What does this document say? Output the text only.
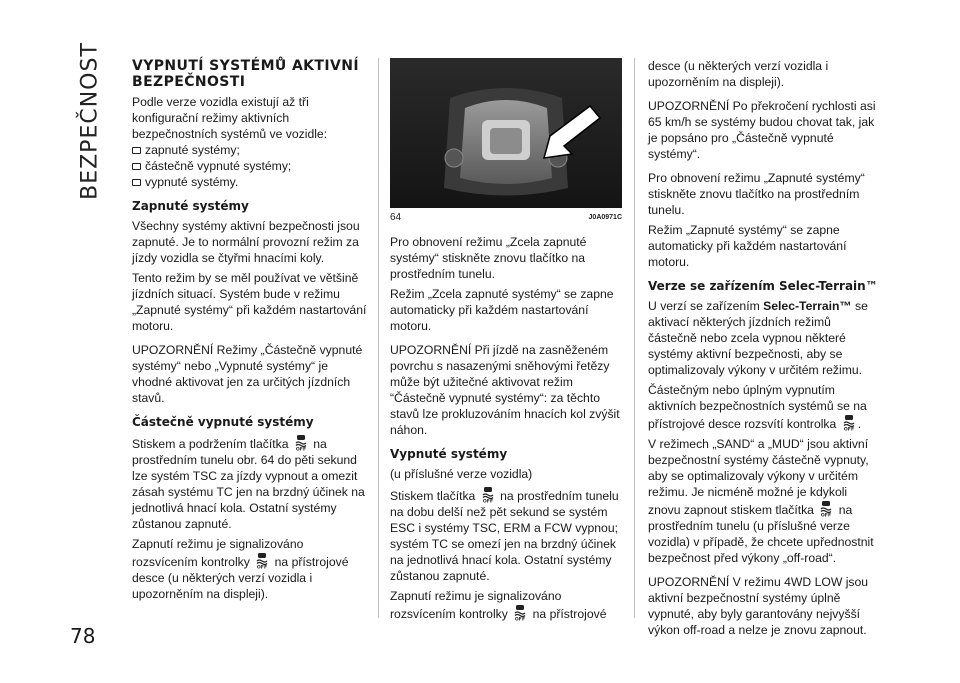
BEZPEČNOST
78
VYPNUTÍ SYSTÉMŮ AKTIVNÍ BEZPEČNOSTI

Podle verze vozidla existují až tři konfigurační režimy aktivních bezpečnostních systémů ve vozidle:

zapnuté systémy;
částečně vypnuté systémy;
vypnuté systémy.
Zapnuté systémy

Všechny systémy aktivní bezpečnosti jsou zapnuté. Je to normální provozní režim za jízdy vozidla se čtyřmi hnacími koly.

Tento režim by se měl používat ve většině jízdních situací. Systém bude v režimu „Zapnuté systémy“ při každém nastartování motoru.

UPOZORNĚNÍ Režimy „Částečně vypnuté systémy“ nebo „Vypnuté systémy“ je vhodné aktivovat jen za určitých jízdních stavů.

Částečně vypnuté systémy

Stiskem a podržením tlačítka na prostředním tunelu obr. 64 do pěti sekund lze systém TSC za jízdy vypnout a omezit zásah systému TC jen na brzdný účinek na jednotlivá hnací kola. Ostatní systémy zůstanou zapnuté.

Zapnutí režimu je signalizováno rozsvícením kontrolky na přístrojové desce (u některých verzí vozidla i upozorněním na displeji).

64	J0A0971C

Pro obnovení režimu „Zcela zapnuté systémy“ stiskněte znovu tlačítko na prostředním tunelu.

Režim „Zcela zapnuté systémy“ se zapne automaticky při každém nastartování motoru.

UPOZORNĚNÍ Při jízdě na zasněženém povrchu s nasazenými sněhovými řetězy může být užitečné aktivovat režim “Částečně vypnuté systémy“: za těchto stavů lze prokluzováním hnacích kol zvýšit náhon.

Vypnuté systémy

(u příslušné verze vozidla)

Stiskem tlačítka na prostředním tunelu na dobu delší než pět sekund se systém ESC i systémy TSC, ERM a FCW vypnou; systém TC se omezí jen na brzdný účinek na jednotlivá hnací kola. Ostatní systémy zůstanou zapnuté.

Zapnutí režimu je signalizováno rozsvícením kontrolky na přístrojové

desce (u některých verzí vozidla i upozorněním na displeji).

UPOZORNĚNÍ Po překročení rychlosti asi 65 km/h se systémy budou chovat tak, jak je popsáno pro „Částečně vypnuté systémy“.

Pro obnovení režimu „Zapnuté systémy“ stiskněte znovu tlačítko na prostředním tunelu.

Režim „Zapnuté systémy“ se zapne automaticky při každém nastartování motoru.

Verze se zařízením Selec-Terrain™

U verzí se zařízením Selec-Terrain™ se aktivací některých jízdních režimů částečně nebo zcela vypnou některé systémy aktivní bezpečnosti, aby se optimalizovaly výkony v určitém režimu.

Částečným nebo úplným vypnutím aktivních bezpečnostních systémů se na přístrojové desce rozsvítí kontrolka .

V režimech „SAND“ a „MUD“ jsou aktivní bezpečnostní systémy částečně vypnuty, aby se optimalizovaly výkony v určitém režimu. Je nicméně možné je kdykoli znovu zapnout stiskem tlačítka na prostředním tunelu (u příslušné verze vozidla) v případě, že chcete upřednostnit bezpečnost před výkony „off-road“.

UPOZORNĚNÍ V režimu 4WD LOW jsou aktivní bezpečnostní systémy úplně vypnuté, aby byly garantovány nejvyšší výkon off-road a nelze je znovu zapnout.
